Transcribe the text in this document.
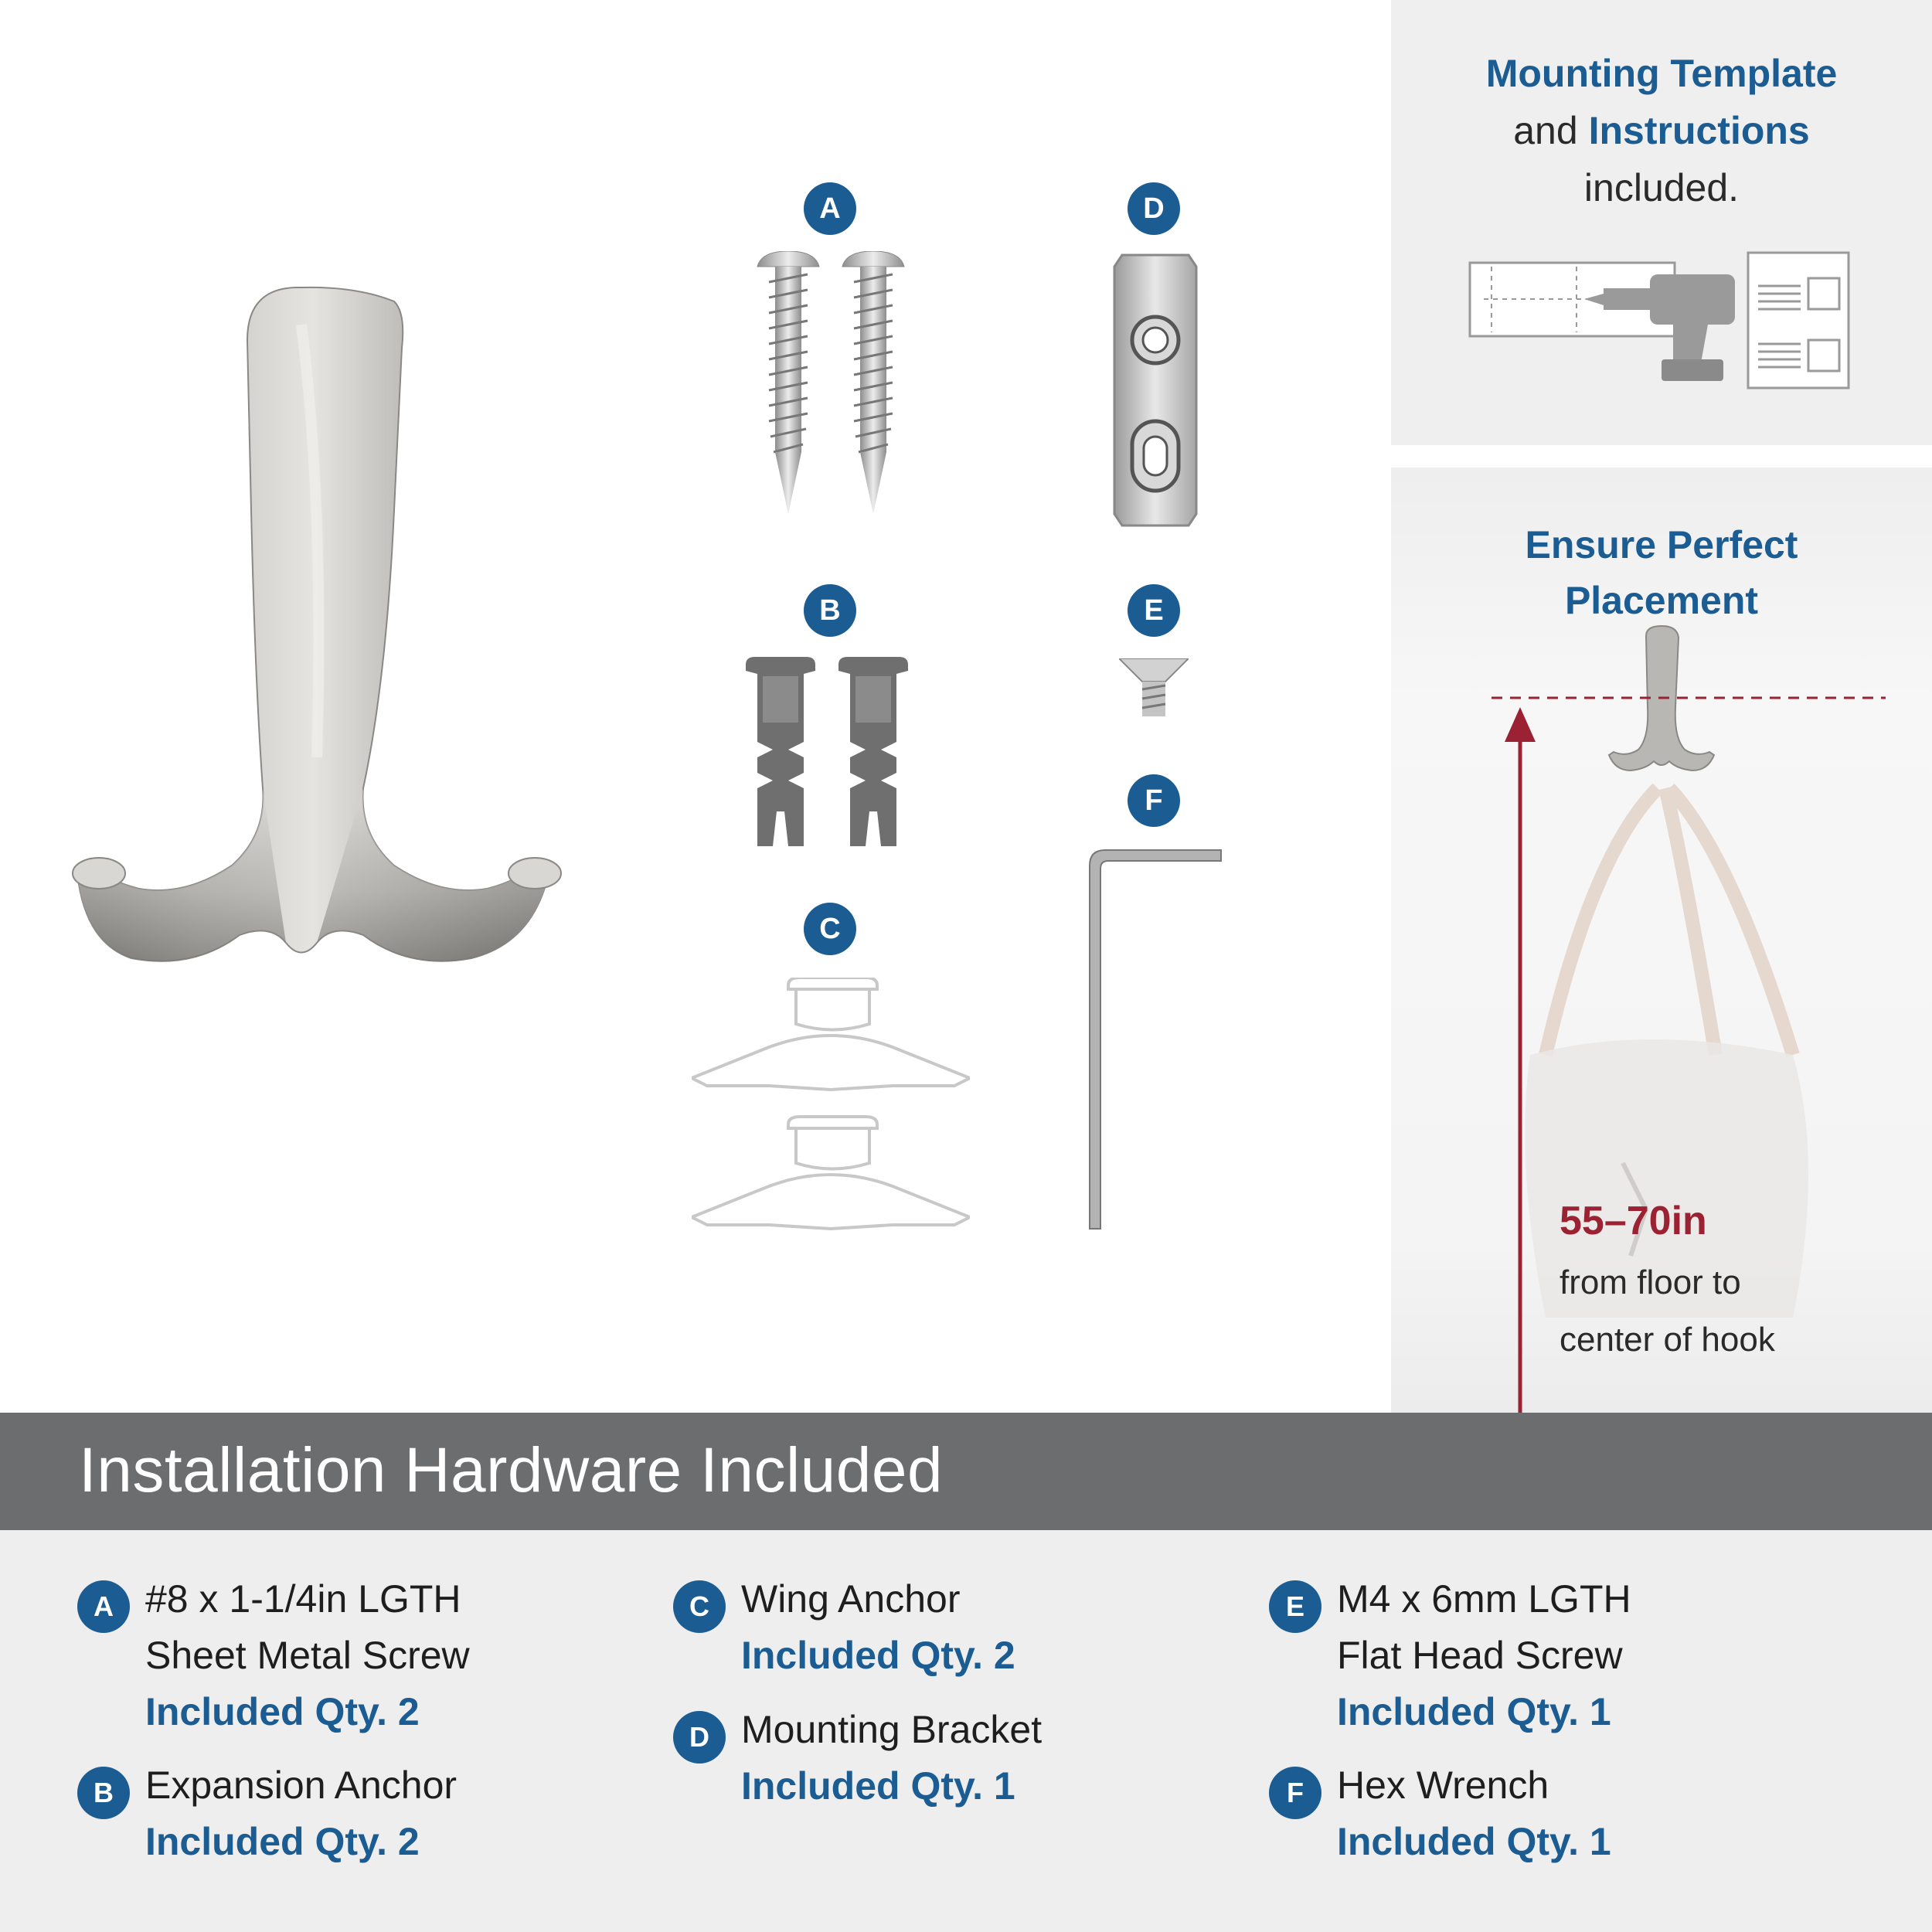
A
B
C
D
E
F
Mounting Template
and Instructions
included.
Ensure Perfect
Placement
55–70in
from floor to
center of hook
Installation Hardware Included
A #8 x 1-1/4in LGTH
Sheet Metal Screw
Included Qty. 2
B Expansion Anchor
Included Qty. 2
C Wing Anchor
Included Qty. 2
D Mounting Bracket
Included Qty. 1
E M4 x 6mm LGTH
Flat Head Screw
Included Qty. 1
F Hex Wrench
Included Qty. 1
